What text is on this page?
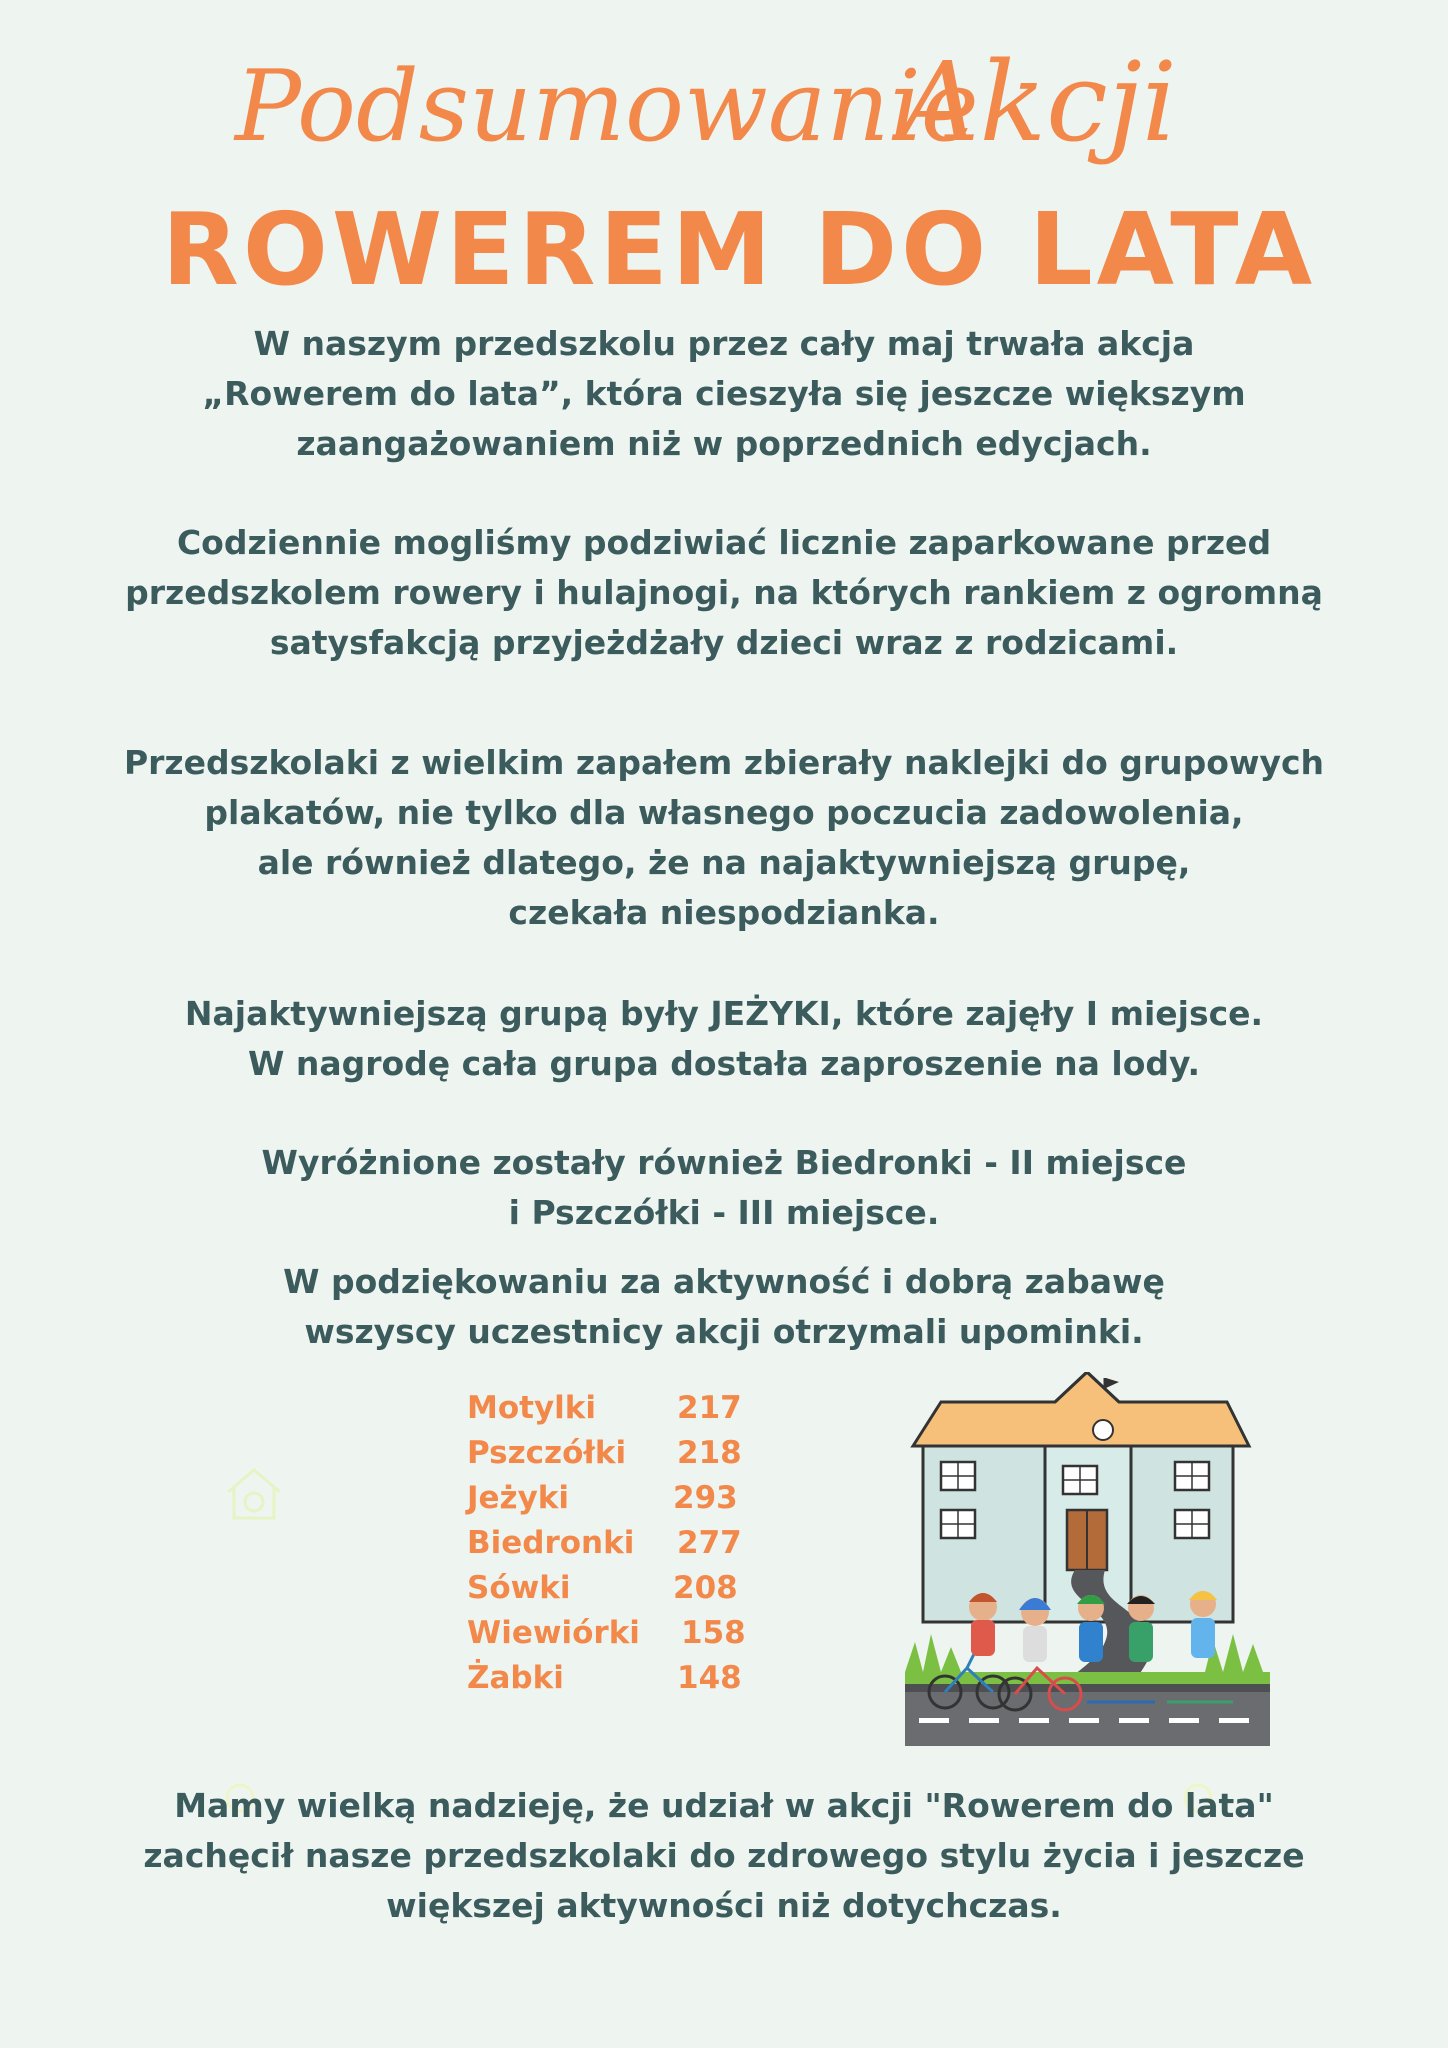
Podsumowanie
Akcji
ROWEREM DO LATA

W naszym przedszkolu przez cały maj trwała akcja
„Rowerem do lata”, która cieszyła się jeszcze większym
zaangażowaniem niż w poprzednich edycjach.

Codziennie mogliśmy podziwiać licznie zaparkowane przed
przedszkolem rowery i hulajnogi, na których rankiem z ogromną
satysfakcją przyjeżdżały dzieci wraz z rodzicami.

Przedszkolaki z wielkim zapałem zbierały naklejki do grupowych
plakatów, nie tylko dla własnego poczucia zadowolenia,
ale również dlatego, że na najaktywniejszą grupę,
czekała niespodzianka.

Najaktywniejszą grupą były JEŻYKI, które zajęły I miejsce.
W nagrodę cała grupa dostała zaproszenie na lody.

Wyróżnione zostały również Biedronki - II miejsce
i Pszczółki - III miejsce.

W podziękowaniu za aktywność i dobrą zabawę
wszyscy uczestnicy akcji otrzymali upominki.

Motylki	217
Pszczółki	218
Jeżyki	293
Biedronki	277
Sówki	208
Wiewiórki	158
Żabki	148

Mamy wielką nadzieję, że udział w akcji "Rowerem do lata"
zachęcił nasze przedszkolaki do zdrowego stylu życia i jeszcze
większej aktywności niż dotychczas.
